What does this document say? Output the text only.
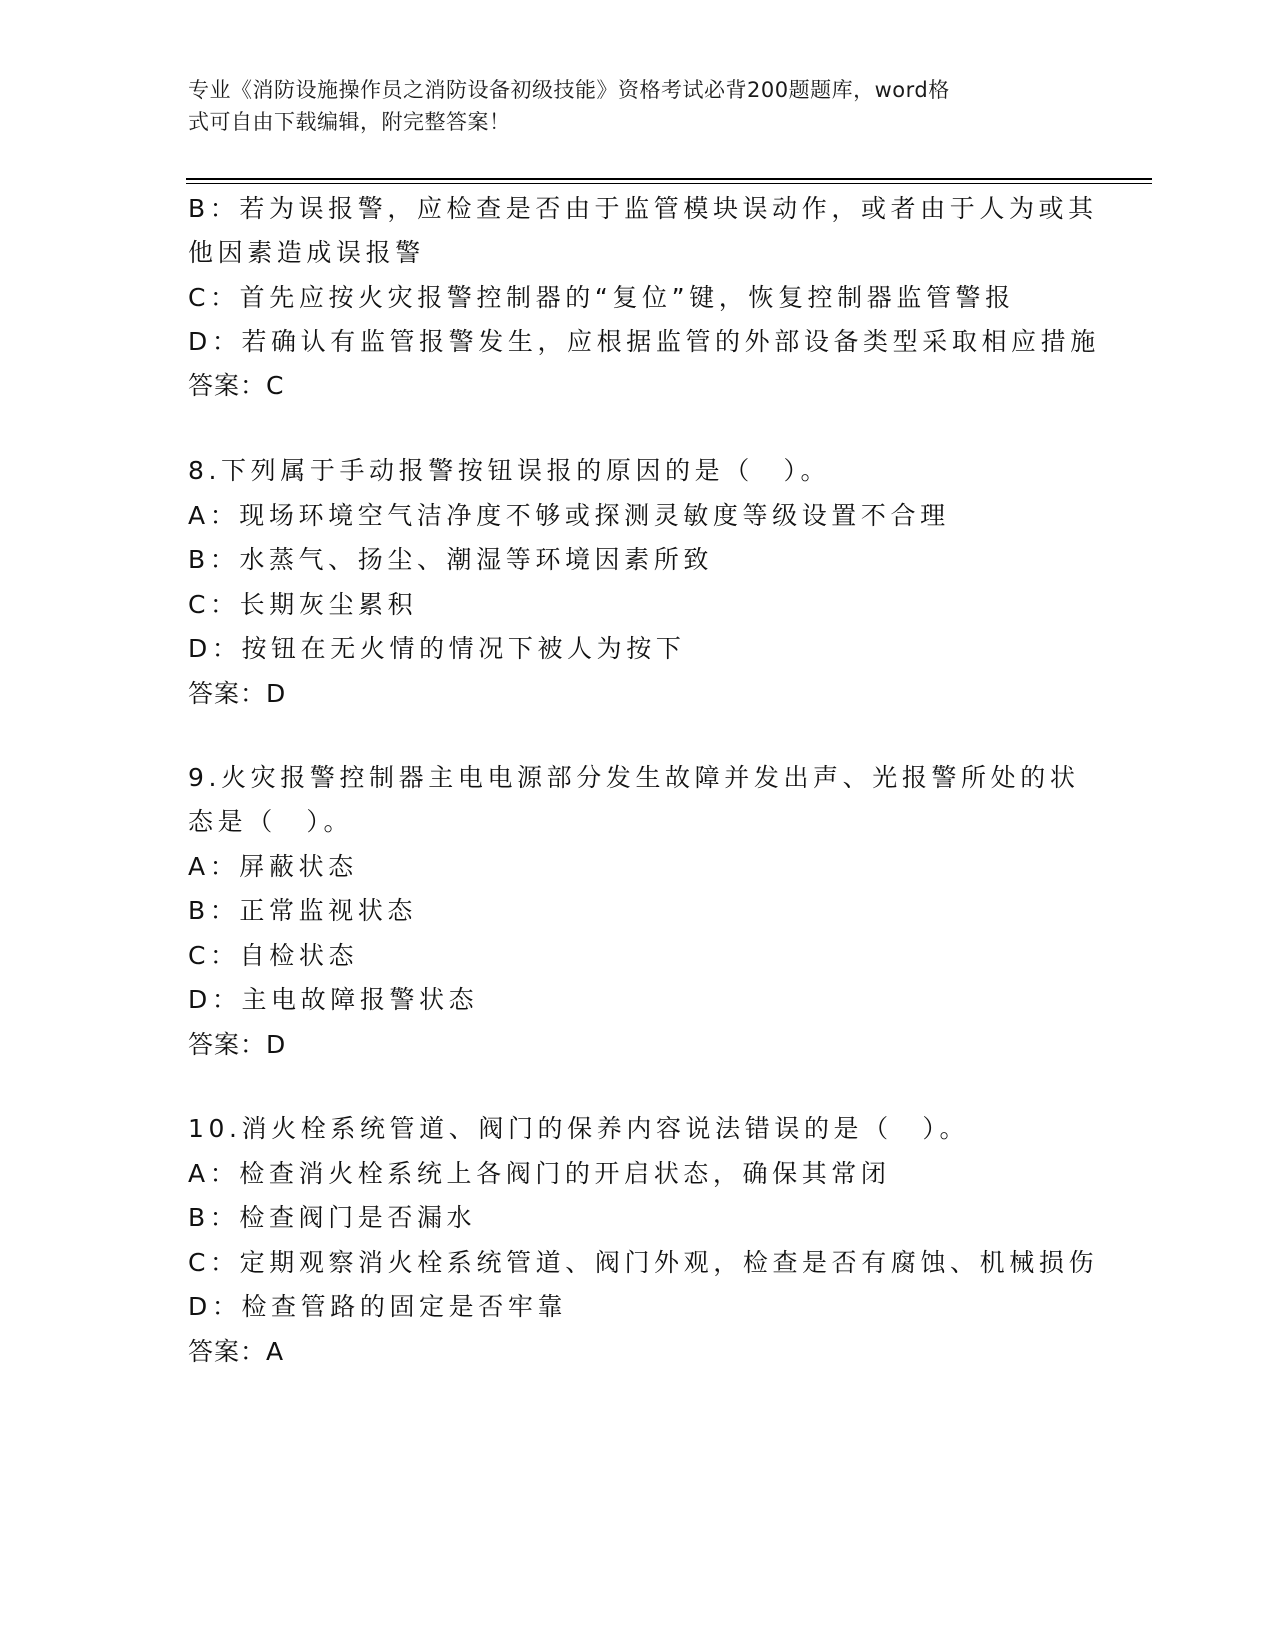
专业《消防设施操作员之消防设备初级技能》资格考试必背200题题库，word格
式可自由下载编辑，附完整答案！
B：若为误报警，应检查是否由于监管模块误动作，或者由于人为或其
他因素造成误报警
C：首先应按火灾报警控制器的“复位”键，恢复控制器监管警报
D：若确认有监管报警发生，应根据监管的外部设备类型采取相应措施
答案：C
8.下列属于手动报警按钮误报的原因的是（　）。
A：现场环境空气洁净度不够或探测灵敏度等级设置不合理
B：水蒸气、扬尘、潮湿等环境因素所致
C：长期灰尘累积
D：按钮在无火情的情况下被人为按下
答案：D
9.火灾报警控制器主电电源部分发生故障并发出声、光报警所处的状
态是（　）。
A：屏蔽状态
B：正常监视状态
C：自检状态
D：主电故障报警状态
答案：D
10.消火栓系统管道、阀门的保养内容说法错误的是（　）。
A：检查消火栓系统上各阀门的开启状态，确保其常闭
B：检查阀门是否漏水
C：定期观察消火栓系统管道、阀门外观，检查是否有腐蚀、机械损伤
D：检查管路的固定是否牢靠
答案：A
